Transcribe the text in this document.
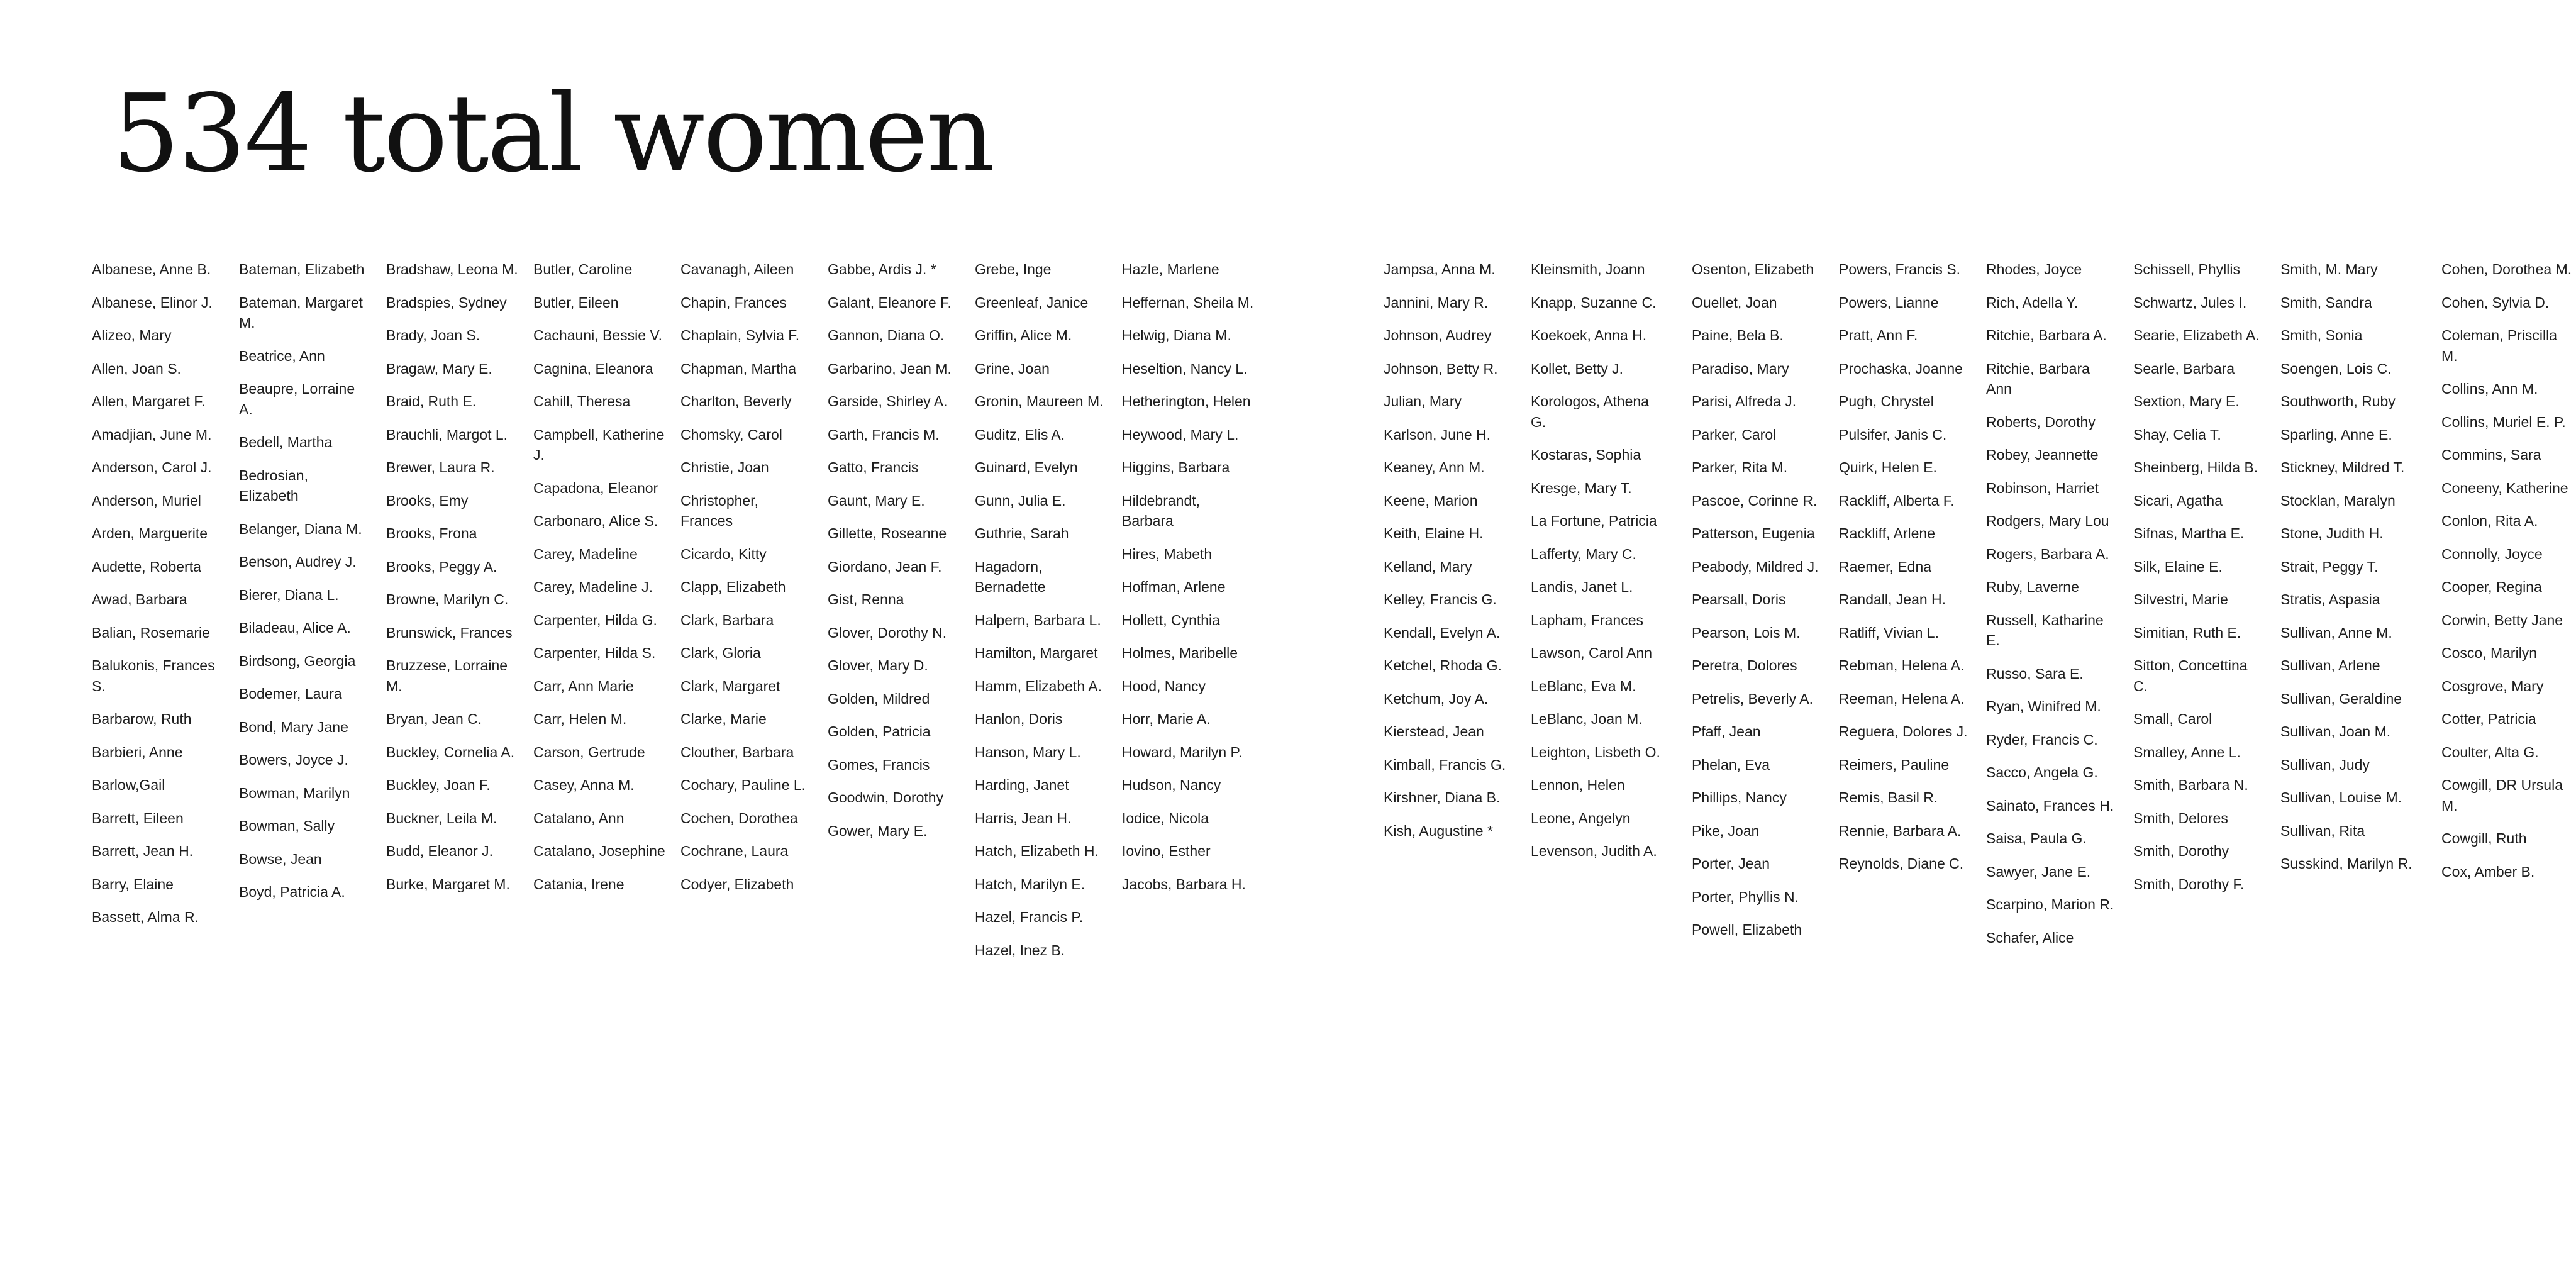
534 total women
Albanese, Anne B.
Albanese, Elinor J.
Alizeo, Mary
Allen, Joan S.
Allen, Margaret F.
Amadjian, June M.
Anderson, Carol J.
Anderson, Muriel
Arden, Marguerite
Audette, Roberta
Awad, Barbara
Balian, Rosemarie
Balukonis, Frances S.
Barbarow, Ruth
Barbieri, Anne
Barlow,Gail
Barrett, Eileen
Barrett, Jean H.
Barry, Elaine
Bassett, Alma R.
Bateman, Elizabeth
Bateman, Margaret M.
Beatrice, Ann
Beaupre, Lorraine A.
Bedell, Martha
Bedrosian, Elizabeth
Belanger, Diana M.
Benson, Audrey J.
Bierer, Diana L.
Biladeau, Alice A.
Birdsong, Georgia
Bodemer, Laura
Bond, Mary Jane
Bowers, Joyce J.
Bowman, Marilyn
Bowman, Sally
Bowse, Jean
Boyd, Patricia A.
Bradshaw, Leona M.
Bradspies, Sydney
Brady, Joan S.
Bragaw, Mary E.
Braid, Ruth E.
Brauchli, Margot L.
Brewer, Laura R.
Brooks, Emy
Brooks, Frona
Brooks, Peggy A.
Browne, Marilyn C.
Brunswick, Frances
Bruzzese, Lorraine M.
Bryan, Jean C.
Buckley, Cornelia A.
Buckley, Joan F.
Buckner, Leila M.
Budd, Eleanor J.
Burke, Margaret M.
Butler, Caroline
Butler, Eileen
Cachauni, Bessie V.
Cagnina, Eleanora
Cahill, Theresa
Campbell, Katherine J.
Capadona, Eleanor
Carbonaro, Alice S.
Carey, Madeline
Carey, Madeline J.
Carpenter, Hilda G.
Carpenter, Hilda S.
Carr, Ann Marie
Carr, Helen M.
Carson, Gertrude
Casey, Anna M.
Catalano, Ann
Catalano, Josephine
Catania, Irene
Cavanagh, Aileen
Chapin, Frances
Chaplain, Sylvia F.
Chapman, Martha
Charlton, Beverly
Chomsky, Carol
Christie, Joan
Christopher, Frances
Cicardo, Kitty
Clapp, Elizabeth
Clark, Barbara
Clark, Gloria
Clark, Margaret
Clarke, Marie
Clouther, Barbara
Cochary, Pauline L.
Cochen, Dorothea
Cochrane, Laura
Codyer, Elizabeth
Gabbe, Ardis J. *
Galant, Eleanore F.
Gannon, Diana O.
Garbarino, Jean M.
Garside, Shirley A.
Garth, Francis M.
Gatto, Francis
Gaunt, Mary E.
Gillette, Roseanne
Giordano, Jean F.
Gist, Renna
Glover, Dorothy N.
Glover, Mary D.
Golden, Mildred
Golden, Patricia
Gomes, Francis
Goodwin, Dorothy
Gower, Mary E.
Grebe, Inge
Greenleaf, Janice
Griffin, Alice M.
Grine, Joan
Gronin, Maureen M.
Guditz, Elis A.
Guinard, Evelyn
Gunn, Julia E.
Guthrie, Sarah
Hagadorn, Bernadette
Halpern, Barbara L.
Hamilton, Margaret
Hamm, Elizabeth A.
Hanlon, Doris
Hanson, Mary L.
Harding, Janet
Harris, Jean H.
Hatch, Elizabeth H.
Hatch, Marilyn E.
Hazel, Francis P.
Hazel, Inez B.
Hazle, Marlene
Heffernan, Sheila M.
Helwig, Diana M.
Heseltion, Nancy L.
Hetherington, Helen
Heywood, Mary L.
Higgins, Barbara
Hildebrandt, Barbara
Hires, Mabeth
Hoffman, Arlene
Hollett, Cynthia
Holmes, Maribelle
Hood, Nancy
Horr, Marie A.
Howard, Marilyn P.
Hudson, Nancy
Iodice, Nicola
Iovino, Esther
Jacobs, Barbara H.
Jampsa, Anna M.
Jannini, Mary R.
Johnson, Audrey
Johnson, Betty R.
Julian, Mary
Karlson, June H.
Keaney, Ann M.
Keene, Marion
Keith, Elaine H.
Kelland, Mary
Kelley, Francis G.
Kendall, Evelyn A.
Ketchel, Rhoda G.
Ketchum, Joy A.
Kierstead, Jean
Kimball, Francis G.
Kirshner, Diana B.
Kish, Augustine *
Kleinsmith, Joann
Knapp, Suzanne C.
Koekoek, Anna H.
Kollet, Betty J.
Korologos, Athena G.
Kostaras, Sophia
Kresge, Mary T.
La Fortune, Patricia
Lafferty, Mary C.
Landis, Janet L.
Lapham, Frances
Lawson, Carol Ann
LeBlanc, Eva M.
LeBlanc, Joan M.
Leighton, Lisbeth O.
Lennon, Helen
Leone, Angelyn
Levenson, Judith A.
Osenton, Elizabeth
Ouellet, Joan
Paine, Bela B.
Paradiso, Mary
Parisi, Alfreda J.
Parker, Carol
Parker, Rita M.
Pascoe, Corinne R.
Patterson, Eugenia
Peabody, Mildred J.
Pearsall, Doris
Pearson, Lois M.
Peretra, Dolores
Petrelis, Beverly A.
Pfaff, Jean
Phelan, Eva
Phillips, Nancy
Pike, Joan
Porter, Jean
Porter, Phyllis N.
Powell, Elizabeth
Powers, Francis S.
Powers, Lianne
Pratt, Ann F.
Prochaska, Joanne
Pugh, Chrystel
Pulsifer, Janis C.
Quirk, Helen E.
Rackliff, Alberta F.
Rackliff, Arlene
Raemer, Edna
Randall, Jean H.
Ratliff, Vivian L.
Rebman, Helena A.
Reeman, Helena A.
Reguera, Dolores J.
Reimers, Pauline
Remis, Basil R.
Rennie, Barbara A.
Reynolds, Diane C.
Rhodes, Joyce
Rich, Adella Y.
Ritchie, Barbara A.
Ritchie, Barbara Ann
Roberts, Dorothy
Robey, Jeannette
Robinson, Harriet
Rodgers, Mary Lou
Rogers, Barbara A.
Ruby, Laverne
Russell, Katharine E.
Russo, Sara E.
Ryan, Winifred M.
Ryder, Francis C.
Sacco, Angela G.
Sainato, Frances H.
Saisa, Paula G.
Sawyer, Jane E.
Scarpino, Marion R.
Schafer, Alice
Schissell, Phyllis
Schwartz, Jules I.
Searie, Elizabeth A.
Searle, Barbara
Sextion, Mary E.
Shay, Celia T.
Sheinberg, Hilda B.
Sicari, Agatha
Sifnas, Martha E.
Silk, Elaine E.
Silvestri, Marie
Simitian, Ruth E.
Sitton, Concettina C.
Small, Carol
Smalley, Anne L.
Smith, Barbara N.
Smith, Delores
Smith, Dorothy
Smith, Dorothy F.
Smith, M. Mary
Smith, Sandra
Smith, Sonia
Soengen, Lois C.
Southworth, Ruby
Sparling, Anne E.
Stickney, Mildred T.
Stocklan, Maralyn
Stone, Judith H.
Strait, Peggy T.
Stratis, Aspasia
Sullivan, Anne M.
Sullivan, Arlene
Sullivan, Geraldine
Sullivan, Joan M.
Sullivan, Judy
Sullivan, Louise M.
Sullivan, Rita
Susskind, Marilyn R.
Cohen, Dorothea M.
Cohen, Sylvia D.
Coleman, Priscilla M.
Collins, Ann M.
Collins, Muriel E. P.
Commins, Sara
Coneeny, Katherine
Conlon, Rita A.
Connolly, Joyce
Cooper, Regina
Corwin, Betty Jane
Cosco, Marilyn
Cosgrove, Mary
Cotter, Patricia
Coulter, Alta G.
Cowgill, DR Ursula M.
Cowgill, Ruth
Cox, Amber B.
